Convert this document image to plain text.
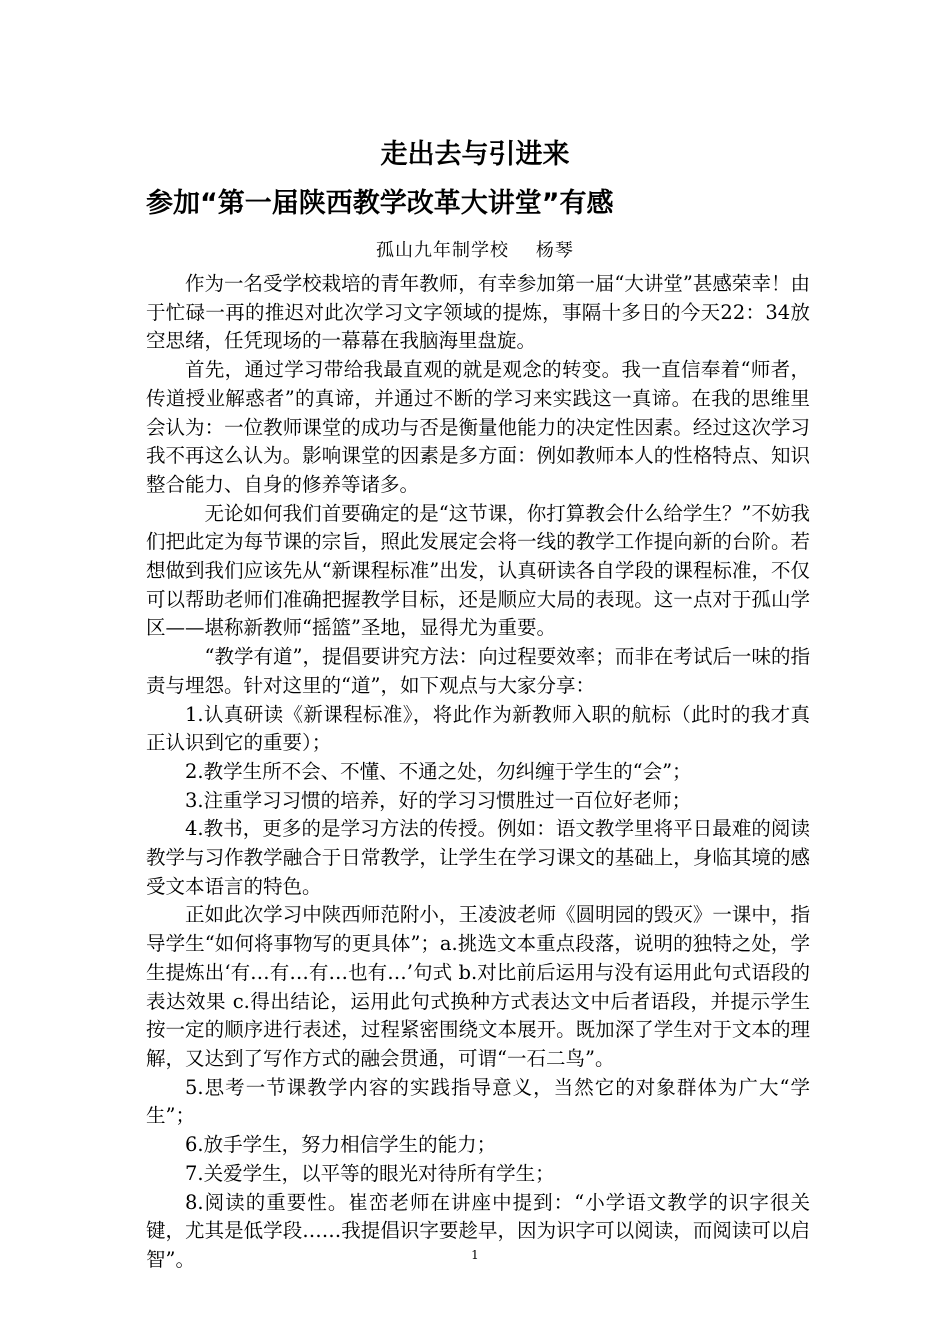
走出去与引进来
参加“第一届陕西教学改革大讲堂”有感
孤山九年制学校    杨琴

作为一名受学校栽培的青年教师，有幸参加第一届“大讲堂”甚感荣幸！由于忙碌一再的推迟对此次学习文字领域的提炼，事隔十多日的今天22：34放空思绪，任凭现场的一幕幕在我脑海里盘旋。

首先，通过学习带给我最直观的就是观念的转变。我一直信奉着“师者，传道授业解惑者”的真谛，并通过不断的学习来实践这一真谛。在我的思维里会认为：一位教师课堂的成功与否是衡量他能力的决定性因素。经过这次学习我不再这么认为。影响课堂的因素是多方面：例如教师本人的性格特点、知识整合能力、自身的修养等诸多。

无论如何我们首要确定的是“这节课，你打算教会什么给学生？”不妨我们把此定为每节课的宗旨，照此发展定会将一线的教学工作提向新的台阶。若想做到我们应该先从“新课程标准”出发，认真研读各自学段的课程标准，不仅可以帮助老师们准确把握教学目标，还是顺应大局的表现。这一点对于孤山学区——堪称新教师“摇篮”圣地，显得尤为重要。

“教学有道”，提倡要讲究方法：向过程要效率；而非在考试后一味的指责与埋怨。针对这里的“道”，如下观点与大家分享：

1.认真研读《新课程标准》，将此作为新教师入职的航标（此时的我才真正认识到它的重要）；

2.教学生所不会、不懂、不通之处，勿纠缠于学生的“会”；

3.注重学习习惯的培养，好的学习习惯胜过一百位好老师；

4.教书，更多的是学习方法的传授。例如：语文教学里将平日最难的阅读教学与习作教学融合于日常教学，让学生在学习课文的基础上，身临其境的感受文本语言的特色。

正如此次学习中陕西师范附小，王凌波老师《圆明园的毁灭》一课中，指导学生“如何将事物写的更具体”；a.挑选文本重点段落，说明的独特之处，学生提炼出‘有…有…有…也有…’句式 b.对比前后运用与没有运用此句式语段的表达效果 c.得出结论，运用此句式换种方式表达文中后者语段，并提示学生按一定的顺序进行表述，过程紧密围绕文本展开。既加深了学生对于文本的理解，又达到了写作方式的融会贯通，可谓“一石二鸟”。

5.思考一节课教学内容的实践指导意义，当然它的对象群体为广大“学生”；

6.放手学生，努力相信学生的能力；

7.关爱学生，以平等的眼光对待所有学生；

8.阅读的重要性。崔峦老师在讲座中提到：“小学语文教学的识字很关键，尤其是低学段……我提倡识字要趁早，因为识字可以阅读，而阅读可以启智”。	1
